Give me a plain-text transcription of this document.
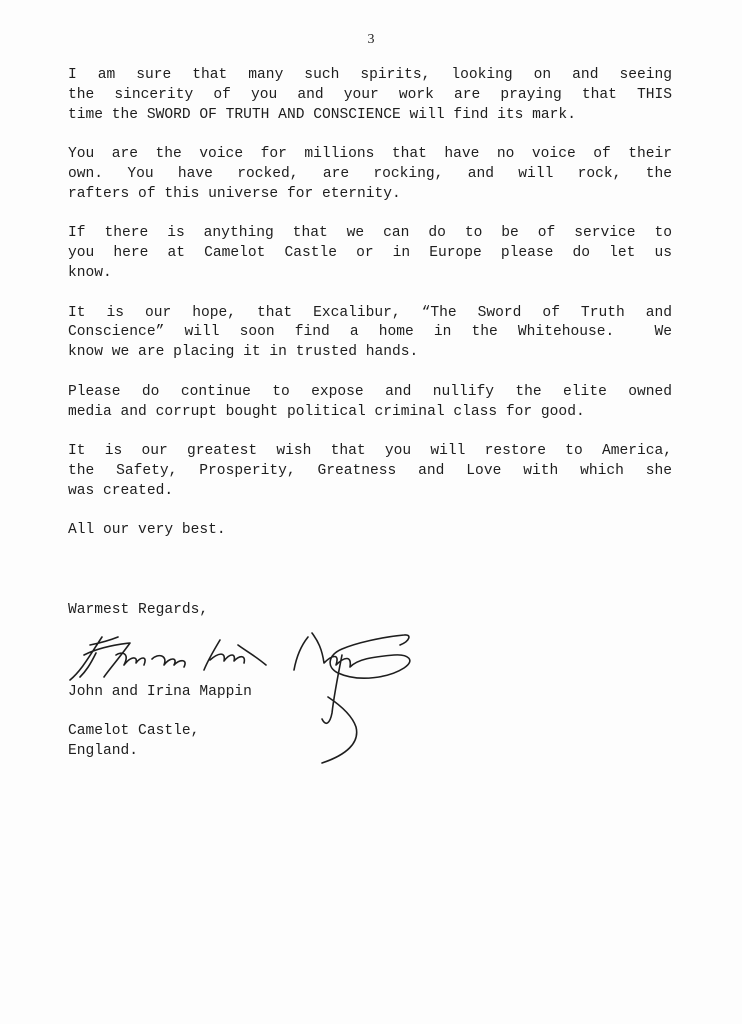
3

I am sure that many such spirits, looking on and seeing
the sincerity of you and your work are praying that THIS
time the SWORD OF TRUTH AND CONSCIENCE will find its mark.

You are the voice for millions that have no voice of their
own. You have rocked, are rocking, and will rock, the
rafters of this universe for eternity.

If there is anything that we can do to be of service to
you here at Camelot Castle or in Europe please do let us
know.

It is our hope, that Excalibur, “The Sword of Truth and
Conscience” will soon find a home in the Whitehouse.  We
know we are placing it in trusted hands.

Please do continue to expose and nullify the elite owned
media and corrupt bought political criminal class for good.

It is our greatest wish that you will restore to America,
the Safety, Prosperity, Greatness and Love with which she
was created.

All our very best.

Warmest Regards,
John and Irina Mappin
Camelot Castle,
England.
